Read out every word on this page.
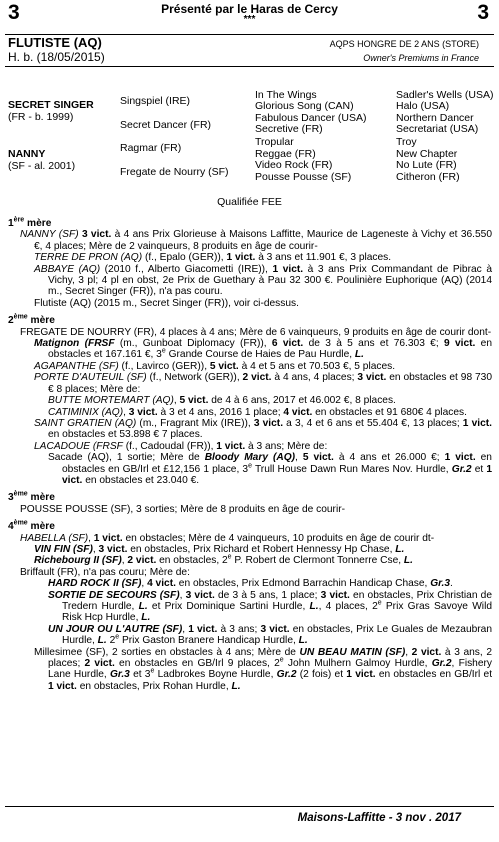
3	3
Présenté par le Haras de Cercy
***
FLUTISTE (AQ)
H. b. (18/05/2015)
AQPS HONGRE DE 2 ANS (STORE)
Owner's Premiums in France
SECRET SINGER
(FR - b. 1999)
NANNY
(SF - al. 2001)
Singspiel (IRE)
Secret Dancer (FR)
Ragmar (FR)
Fregate de Nourry (SF)
In The Wings
Glorious Song (CAN)
Fabulous Dancer (USA)
Secretive (FR)
Tropular
Reggae (FR)
Video Rock (FR)
Pousse Pousse (SF)
Sadler's Wells (USA)
Halo (USA)
Northern Dancer
Secretariat (USA)
Troy
New Chapter
No Lute (FR)
Citheron (FR)
Qualifiée FEE

1ère mère

NANNY (SF) 3 vict. à 4 ans Prix Glorieuse à Maisons Laffitte, Maurice de Lageneste à Vichy et 36.550 €, 4 places; Mère de 2 vainqueurs, 8 produits en âge de courir-

TERRE DE PRON (AQ) (f., Epalo (GER)), 1 vict. à 3 ans et 11.901 €, 3 places.

ABBAYE (AQ) (2010 f., Alberto Giacometti (IRE)), 1 vict. à 3 ans Prix Commandant de Pibrac à Vichy, 3 pl; 4 pl en obst, 2e Prix de Guethary à Pau 32 300 €. Poulinière Euphorique (AQ) (2014 m., Secret Singer (FR)), n'a pas couru.

Flutiste (AQ) (2015 m., Secret Singer (FR)), voir ci-dessus.

2ème mère

FREGATE DE NOURRY (FR), 4 places à 4 ans; Mère de 6 vainqueurs, 9 produits en âge de courir dont-

Matignon (FRSF (m., Gunboat Diplomacy (FR)), 6 vict. de 3 à 5 ans et 76.303 €; 9 vict. en obstacles et 167.161 €, 3e Grande Course de Haies de Pau Hurdle, L.

AGAPANTHE (SF) (f., Lavirco (GER)), 5 vict. à 4 et 5 ans et 70.503 €, 5 places.

PORTE D'AUTEUIL (SF) (f., Network (GER)), 2 vict. à 4 ans, 4 places; 3 vict. en obstacles et 98 730 € 8 places; Mère de:

BUTTE MORTEMART (AQ), 5 vict. de 4 à 6 ans, 2017 et 46.002 €, 8 places.

CATIMINIX (AQ), 3 vict. à 3 et 4 ans, 2016 1 place; 4 vict. en obstacles et 91 680€ 4 places.

SAINT GRATIEN (AQ) (m., Fragrant Mix (IRE)), 3 vict. a 3, 4 et 6 ans et 55.404 €, 13 places; 1 vict. en obstacles et 53.898 € 7 places.

LACADOUE (FRSF (f., Cadoudal (FR)), 1 vict. à 3 ans; Mère de:

Sacade (AQ), 1 sortie; Mère de Bloody Mary (AQ), 5 vict. à 4 ans et 26.000 €; 1 vict. en obstacles en GB/Irl et £12,156 1 place, 3e Trull House Dawn Run Mares Nov. Hurdle, Gr.2 et 1 vict. en obstacles et 23.040 €.

3ème mère

POUSSE POUSSE (SF), 3 sorties; Mère de 8 produits en âge de courir-

4ème mère

HABELLA (SF), 1 vict. en obstacles; Mère de 4 vainqueurs, 10 produits en âge de courir dt-

VIN FIN (SF), 3 vict. en obstacles, Prix Richard et Robert Hennessy Hp Chase, L.

Richebourg II (SF), 2 vict. en obstacles, 2e P. Robert de Clermont Tonnerre Cse, L.

Briffault (FR), n'a pas couru; Mère de:

HARD ROCK II (SF), 4 vict. en obstacles, Prix Edmond Barrachin Handicap Chase, Gr.3.

SORTIE DE SECOURS (SF), 3 vict. de 3 à 5 ans, 1 place; 3 vict. en obstacles, Prix Christian de Tredern Hurdle, L. et Prix Dominique Sartini Hurdle, L., 4 places, 2e Prix Gras Savoye Wild Risk Hcp Hurdle, L.

UN JOUR OU L'AUTRE (SF), 1 vict. à 3 ans; 3 vict. en obstacles, Prix Le Guales de Mezaubran Hurdle, L. 2e Prix Gaston Branere Handicap Hurdle, L.

Millesimee (SF), 2 sorties en obstacles à 4 ans; Mère de UN BEAU MATIN (SF), 2 vict. à 3 ans, 2 places; 2 vict. en obstacles en GB/Irl 9 places, 2e John Mulhern Galmoy Hurdle, Gr.2, Fishery Lane Hurdle, Gr.3 et 3e Ladbrokes Boyne Hurdle, Gr.2 (2 fois) et 1 vict. en obstacles en GB/Irl et 1 vict. en obstacles, Prix Rohan Hurdle, L.

Maisons-Laffitte - 3 nov . 2017
